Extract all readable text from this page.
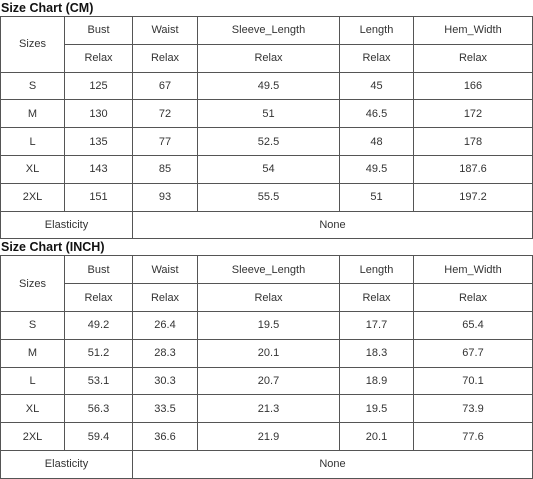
Size Chart (CM)
Sizes	Bust	Waist	Sleeve_Length	Length	Hem_Width
	Relax	Relax	Relax	Relax	Relax
S	125	67	49.5	45	166
M	130	72	51	46.5	172
L	135	77	52.5	48	178
XL	143	85	54	49.5	187.6
2XL	151	93	55.5	51	197.2
Elasticity		None			
Size Chart (INCH)
Sizes	Bust	Waist	Sleeve_Length	Length	Hem_Width
	Relax	Relax	Relax	Relax	Relax
S	49.2	26.4	19.5	17.7	65.4
M	51.2	28.3	20.1	18.3	67.7
L	53.1	30.3	20.7	18.9	70.1
XL	56.3	33.5	21.3	19.5	73.9
2XL	59.4	36.6	21.9	20.1	77.6
Elasticity		None			
